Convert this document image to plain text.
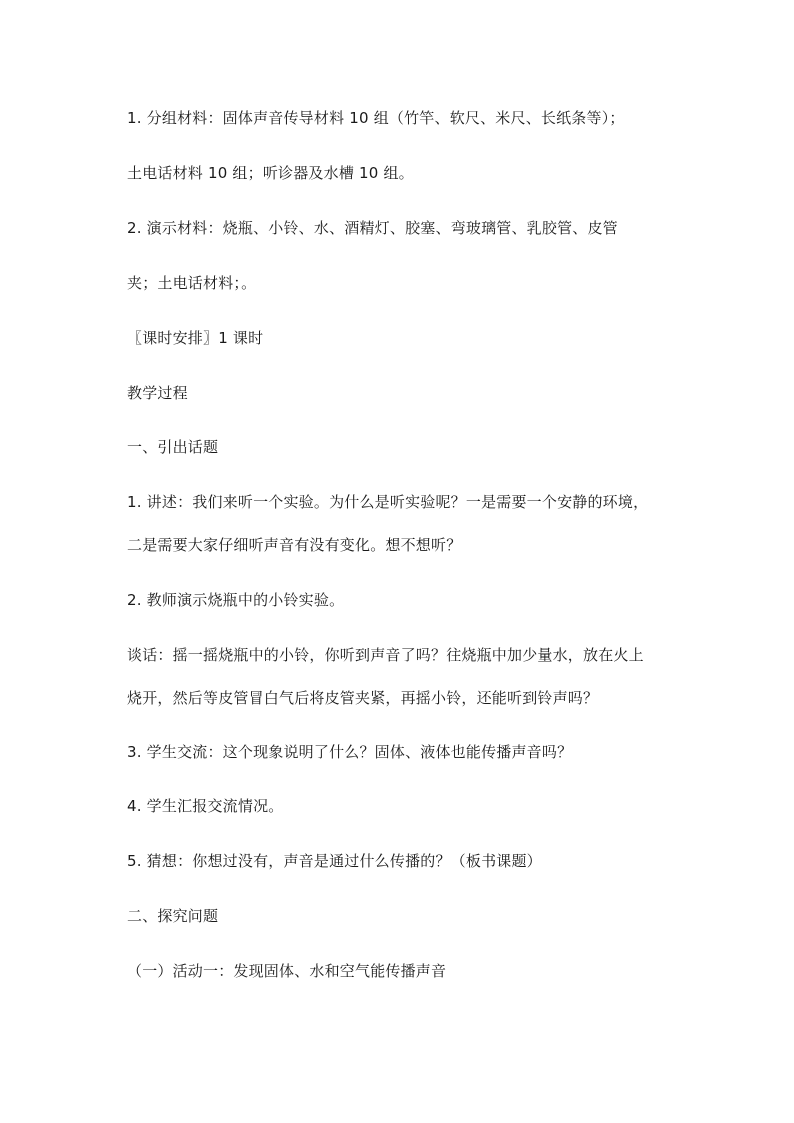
1. 分组材料：固体声音传导材料 10 组（竹竿、软尺、米尺、长纸条等）；
土电话材料 10 组；听诊器及水槽 10 组。
2. 演示材料：烧瓶、小铃、水、酒精灯、胶塞、弯玻璃管、乳胶管、皮管
夹；土电话材料；。
〖课时安排〗1 课时
教学过程
一、引出话题
1. 讲述：我们来听一个实验。为什么是听实验呢？一是需要一个安静的环境，
二是需要大家仔细听声音有没有变化。想不想听？
2. 教师演示烧瓶中的小铃实验。
谈话：摇一摇烧瓶中的小铃，你听到声音了吗？往烧瓶中加少量水，放在火上
烧开，然后等皮管冒白气后将皮管夹紧，再摇小铃，还能听到铃声吗？
3. 学生交流：这个现象说明了什么？固体、液体也能传播声音吗？
4. 学生汇报交流情况。
5. 猜想：你想过没有，声音是通过什么传播的？（板书课题）
二、探究问题
（一）活动一：发现固体、水和空气能传播声音
